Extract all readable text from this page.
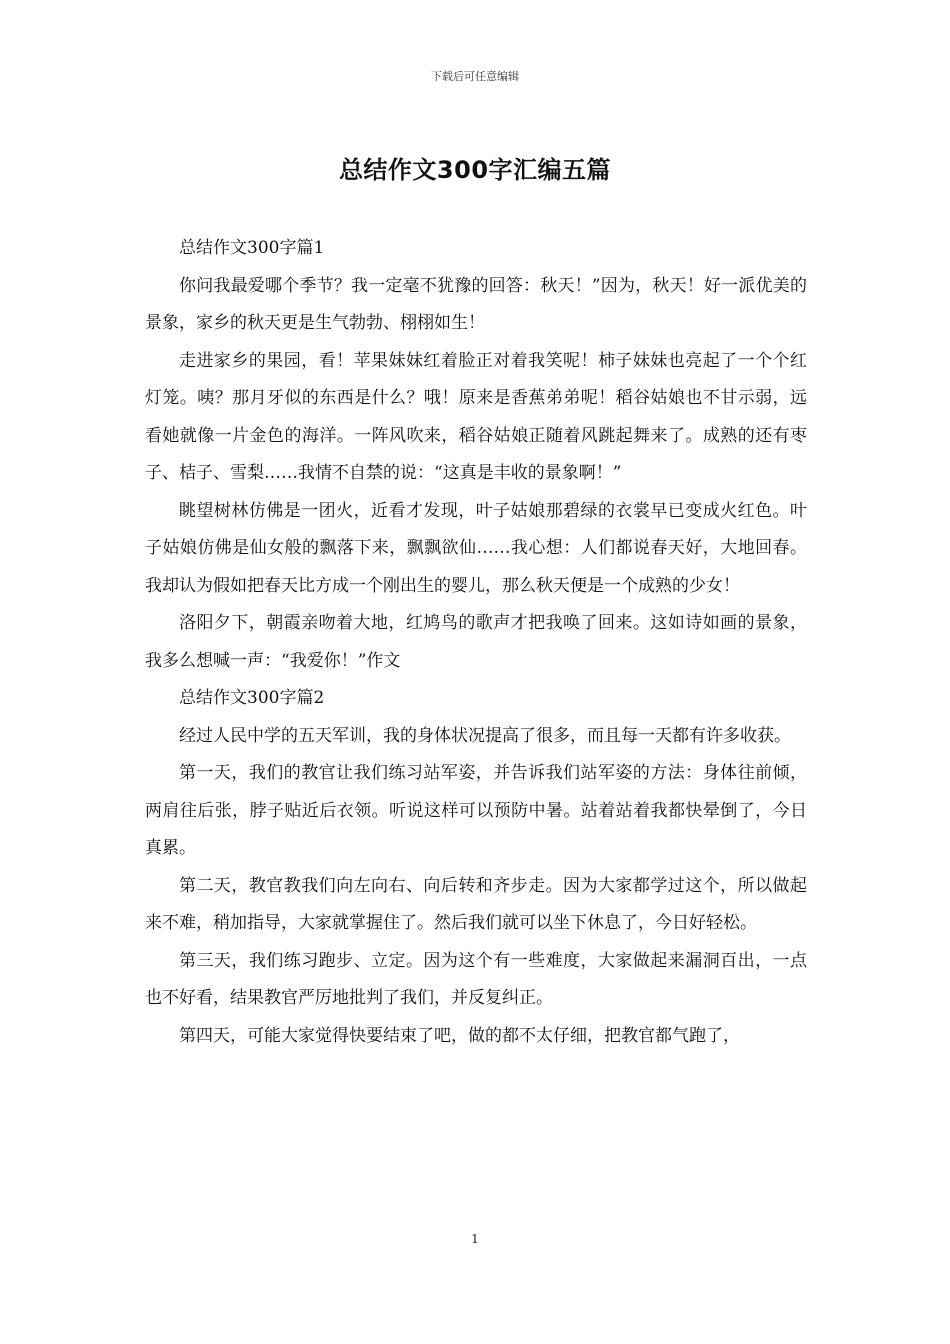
下载后可任意编辑
总结作文300字汇编五篇

总结作文300字篇1

你问我最爱哪个季节？我一定毫不犹豫的回答：秋天！”因为，秋天！好一派优美的景象，家乡的秋天更是生气勃勃、栩栩如生！

走进家乡的果园，看！苹果妹妹红着脸正对着我笑呢！柿子妹妹也亮起了一个个红灯笼。咦？那月牙似的东西是什么？哦！原来是香蕉弟弟呢！稻谷姑娘也不甘示弱，远看她就像一片金色的海洋。一阵风吹来，稻谷姑娘正随着风跳起舞来了。成熟的还有枣子、桔子、雪梨……我情不自禁的说：“这真是丰收的景象啊！”

眺望树林仿佛是一团火，近看才发现，叶子姑娘那碧绿的衣裳早已变成火红色。叶子姑娘仿佛是仙女般的飘落下来，飘飘欲仙……我心想：人们都说春天好，大地回春。我却认为假如把春天比方成一个刚出生的婴儿，那么秋天便是一个成熟的少女！

洛阳夕下，朝霞亲吻着大地，红鸠鸟的歌声才把我唤了回来。这如诗如画的景象，我多么想喊一声：“我爱你！”作文

总结作文300字篇2

经过人民中学的五天军训，我的身体状况提高了很多，而且每一天都有许多收获。

第一天，我们的教官让我们练习站军姿，并告诉我们站军姿的方法：身体往前倾，两肩往后张，脖子贴近后衣领。听说这样可以预防中暑。站着站着我都快晕倒了，今日真累。

第二天，教官教我们向左向右、向后转和齐步走。因为大家都学过这个，所以做起来不难，稍加指导，大家就掌握住了。然后我们就可以坐下休息了，今日好轻松。

第三天，我们练习跑步、立定。因为这个有一些难度，大家做起来漏洞百出，一点也不好看，结果教官严厉地批判了我们，并反复纠正。

第四天，可能大家觉得快要结束了吧，做的都不太仔细，把教官都气跑了，

1
